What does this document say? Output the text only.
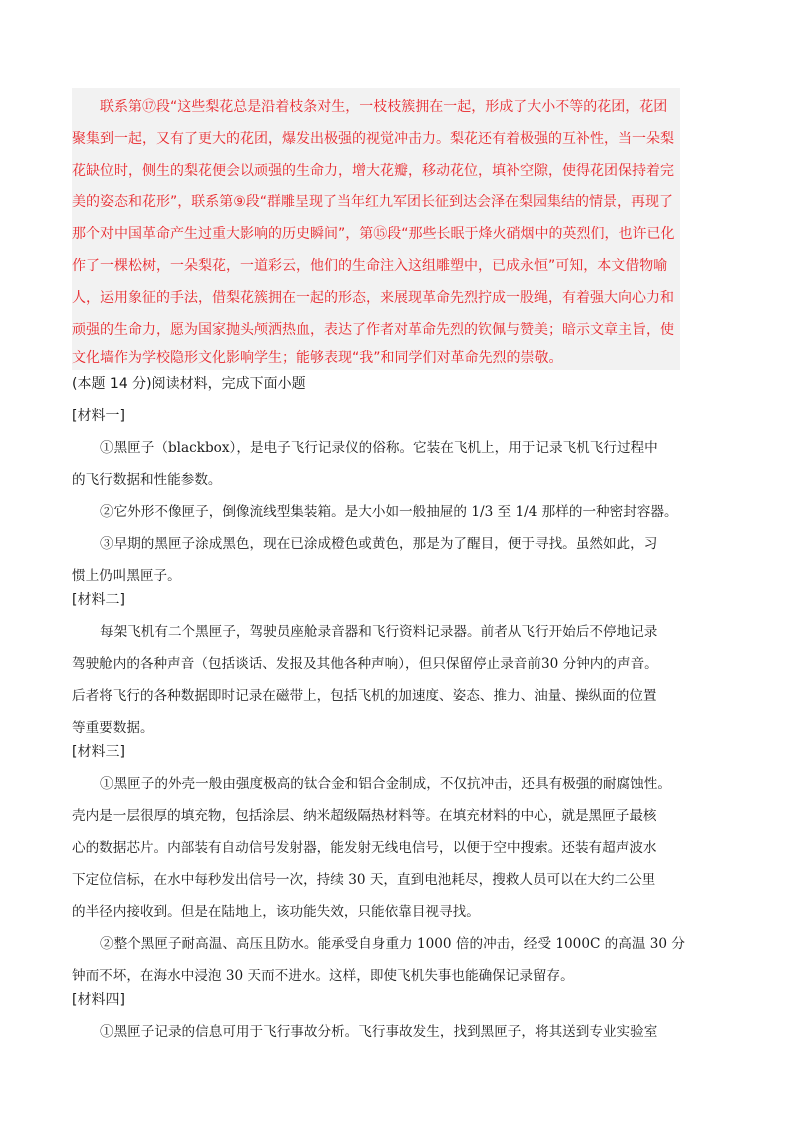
联系第⑰段“这些梨花总是沿着枝条对生，一枝枝簇拥在一起，形成了大小不等的花团，花团
聚集到一起，又有了更大的花团，爆发出极强的视觉冲击力。梨花还有着极强的互补性，当一朵梨
花缺位时，侧生的梨花便会以顽强的生命力，增大花瓣，移动花位，填补空隙，使得花团保持着完
美的姿态和花形”，联系第⑨段“群雕呈现了当年红九军团长征到达会泽在梨园集结的情景，再现了
那个对中国革命产生过重大影响的历史瞬间”，第⑮段“那些长眠于烽火硝烟中的英烈们，也许已化
作了一棵松树，一朵梨花，一道彩云，他们的生命注入这组雕塑中，已成永恒”可知，本文借物喻
人，运用象征的手法，借梨花簇拥在一起的形态，来展现革命先烈拧成一股绳，有着强大向心力和
顽强的生命力，愿为国家抛头颅洒热血，表达了作者对革命先烈的钦佩与赞美；暗示文章主旨，使
文化墙作为学校隐形文化影响学生；能够表现“我”和同学们对革命先烈的崇敬。
(本题 14 分)阅读材料，完成下面小题
[材料一]
①黑匣子（blackbox），是电子飞行记录仪的俗称。它装在飞机上，用于记录飞机飞行过程中
的飞行数据和性能参数。
②它外形不像匣子，倒像流线型集装箱。是大小如一般抽屉的 1/3 至 1/4 那样的一种密封容器。
③早期的黑匣子涂成黑色，现在已涂成橙色或黄色，那是为了醒目，便于寻找。虽然如此，习
惯上仍叫黑匣子。
[材料二]
每架飞机有二个黑匣子，驾驶员座舱录音器和飞行资料记录器。前者从飞行开始后不停地记录
驾驶舱内的各种声音（包括谈话、发报及其他各种声响），但只保留停止录音前30 分钟内的声音。
后者将飞行的各种数据即时记录在磁带上，包括飞机的加速度、姿态、推力、油量、操纵面的位置
等重要数据。
[材料三]
①黑匣子的外壳一般由强度极高的钛合金和铝合金制成，不仅抗冲击，还具有极强的耐腐蚀性。
壳内是一层很厚的填充物，包括涂层、纳米超级隔热材料等。在填充材料的中心，就是黑匣子最核
心的数据芯片。内部装有自动信号发射器，能发射无线电信号，以便于空中搜索。还装有超声波水
下定位信标，在水中每秒发出信号一次，持续 30 天，直到电池耗尽，搜救人员可以在大约二公里
的半径内接收到。但是在陆地上，该功能失效，只能依靠目视寻找。
②整个黑匣子耐高温、高压且防水。能承受自身重力 1000 倍的冲击，经受 1000C 的高温 30 分
钟而不坏，在海水中浸泡 30 天而不进水。这样，即使飞机失事也能确保记录留存。
[材料四]
①黑匣子记录的信息可用于飞行事故分析。飞行事故发生，找到黑匣子，将其送到专业实验室
